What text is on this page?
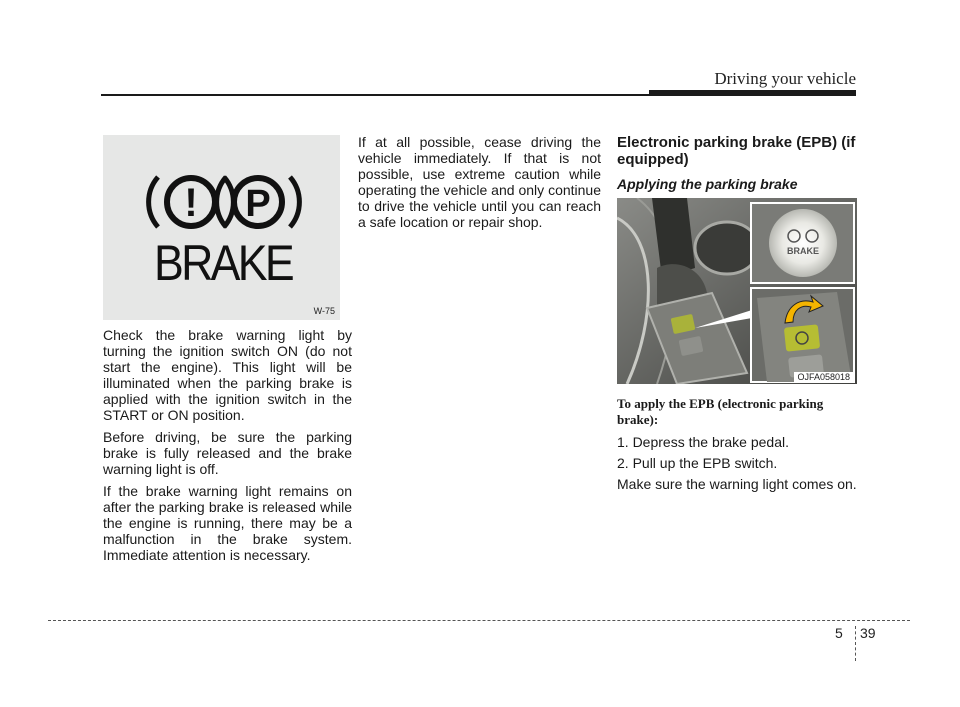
Driving your vehicle
! P
BRAKE
W-75

Check the brake warning light by turning the ignition switch ON (do not start the engine). This light will be illuminated when the parking brake is applied with the ignition switch in the START or ON position.

Before driving, be sure the parking brake is fully released and the brake warning light is off.

If the brake warning light remains on after the parking brake is released while the engine is running, there may be a malfunction in the brake system. Immediate attention is necessary.

If at all possible, cease driving the vehicle immediately. If that is not possible, use extreme caution while operating the vehicle and only continue to drive the vehicle until you can reach a safe location or repair shop.

Electronic parking brake (EPB) (if equipped)
Applying the parking brake
BRAKE
OJFA058018
To apply the EPB (electronic parking brake):

1. Depress the brake pedal.

2. Pull up the EPB switch.

Make sure the warning light comes on.

5 39
